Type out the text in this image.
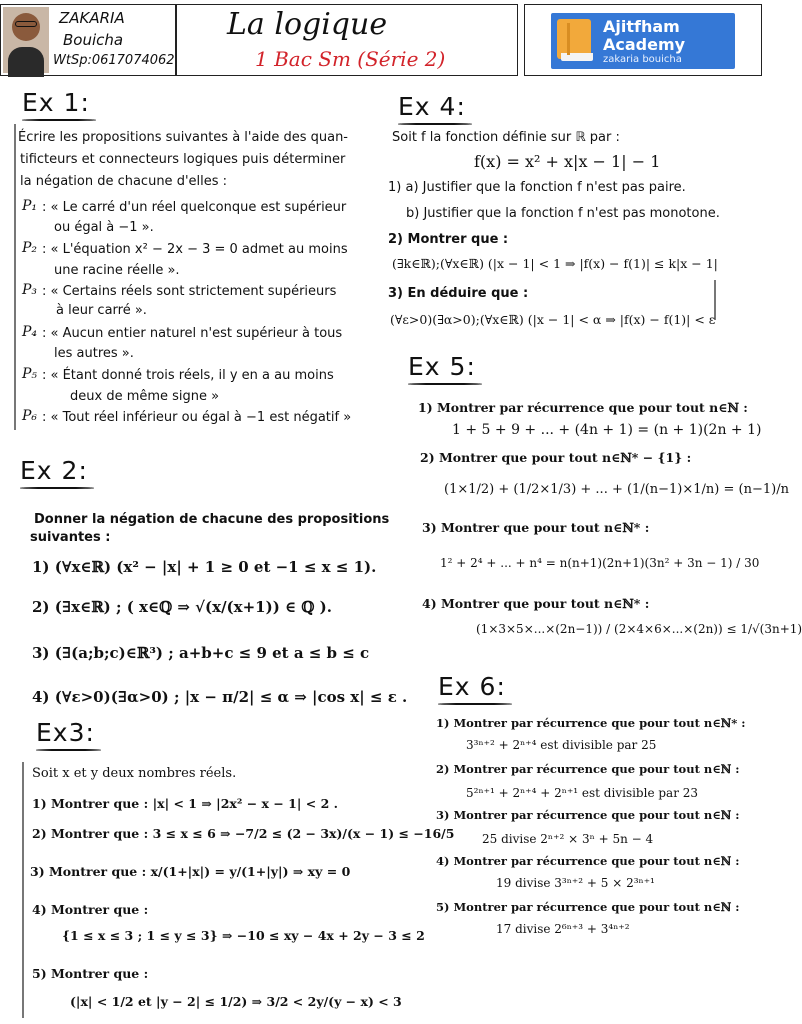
ZAKARIA
Bouicha
WtSp:0617074062
La logique
1 Bac Sm (Série 2)
Ajitfham
Academy
zakaria bouicha
Ex 1:
Écrire les propositions suivantes à l'aide des quan-
tificteurs et connecteurs logiques puis déterminer
la négation de chacune d'elles :
P₁ : « Le carré d'un réel quelconque est supérieur
ou égal à −1 ».
P₂ : « L'équation x² − 2x − 3 = 0 admet au moins
une racine réelle ».
P₃ : « Certains réels sont strictement supérieurs
à leur carré ».
P₄ : « Aucun entier naturel n'est supérieur à tous
les autres ».
P₅ : « Étant donné trois réels, il y en a au moins
deux de même signe »
P₆ : « Tout réel inférieur ou égal à −1 est négatif »
Ex 2:
Donner la négation de chacune des propositions
suivantes :
1) (∀x∈ℝ) (x² − |x| + 1 ≥ 0 et −1 ≤ x ≤ 1).
2) (∃x∈ℝ) ; ( x∈ℚ ⇒ √(x/(x+1)) ∈ ℚ ).
3) (∃(a;b;c)∈ℝ³) ; a+b+c ≤ 9 et a ≤ b ≤ c
4) (∀ε>0)(∃α>0) ; |x − π/2| ≤ α ⇒ |cos x| ≤ ε .
Ex3:
Soit x et y deux nombres réels.
1) Montrer que : |x| < 1 ⇒ |2x² − x − 1| < 2 .
2) Montrer que : 3 ≤ x ≤ 6 ⇒ −7/2 ≤ (2 − 3x)/(x − 1) ≤ −16/5
3) Montrer que : x/(1+|x|) = y/(1+|y|) ⇒ xy = 0
4) Montrer que :
{1 ≤ x ≤ 3 ; 1 ≤ y ≤ 3} ⇒ −10 ≤ xy − 4x + 2y − 3 ≤ 2
5) Montrer que :
(|x| < 1/2 et |y − 2| ≤ 1/2) ⇒ 3/2 < 2y/(y − x) < 3
Ex 4:
Soit f la fonction définie sur ℝ par :
f(x) = x² + x|x − 1| − 1
1) a) Justifier que la fonction f n'est pas paire.
b) Justifier que la fonction f n'est pas monotone.
2) Montrer que :
(∃k∈ℝ);(∀x∈ℝ) (|x − 1| < 1 ⇒ |f(x) − f(1)| ≤ k|x − 1|
3) En déduire que :
(∀ε>0)(∃α>0);(∀x∈ℝ) (|x − 1| < α ⇒ |f(x) − f(1)| < ε
Ex 5:
1) Montrer par récurrence que pour tout n∈ℕ :
1 + 5 + 9 + ... + (4n + 1) = (n + 1)(2n + 1)
2) Montrer que pour tout n∈ℕ* − {1} :
(1×1/2) + (1/2×1/3) + ... + (1/(n−1)×1/n) = (n−1)/n
3) Montrer que pour tout n∈ℕ* :
1² + 2⁴ + ... + n⁴ = n(n+1)(2n+1)(3n² + 3n − 1) / 30
4) Montrer que pour tout n∈ℕ* :
(1×3×5×...×(2n−1)) / (2×4×6×...×(2n)) ≤ 1/√(3n+1)
Ex 6:
1) Montrer par récurrence que pour tout n∈ℕ* :
3³ⁿ⁺² + 2ⁿ⁺⁴ est divisible par 25
2) Montrer par récurrence que pour tout n∈ℕ :
5²ⁿ⁺¹ + 2ⁿ⁺⁴ + 2ⁿ⁺¹ est divisible par 23
3) Montrer par récurrence que pour tout n∈ℕ :
25 divise 2ⁿ⁺² × 3ⁿ + 5n − 4
4) Montrer par récurrence que pour tout n∈ℕ :
19 divise 3³ⁿ⁺² + 5 × 2³ⁿ⁺¹
5) Montrer par récurrence que pour tout n∈ℕ :
17 divise 2⁶ⁿ⁺³ + 3⁴ⁿ⁺²
